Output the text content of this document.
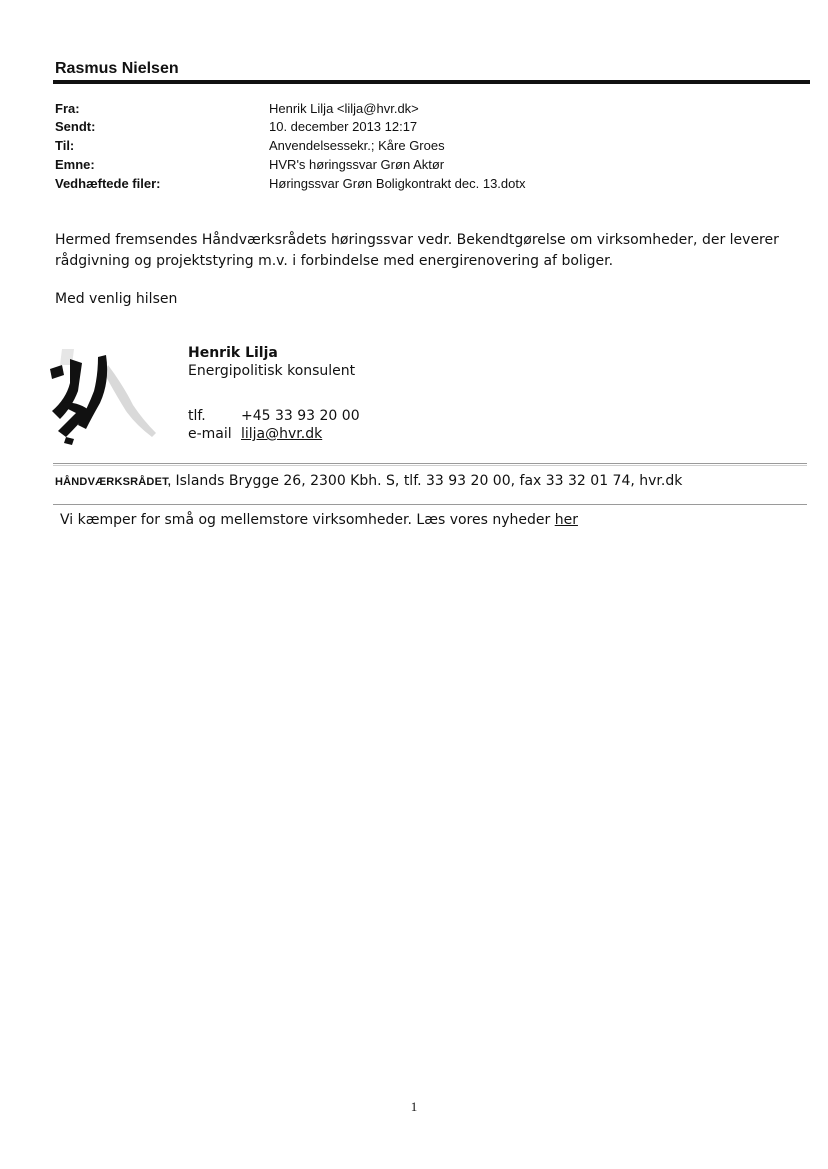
Rasmus Nielsen
Fra:	Henrik Lilja <lilja@hvr.dk>
Sendt:	10. december 2013 12:17
Til:	Anvendelsessekr.; Kåre Groes
Emne:	HVR's høringssvar Grøn Aktør
Vedhæftede filer:	Høringssvar Grøn Boligkontrakt dec. 13.dotx
Hermed fremsendes Håndværksrådets høringssvar vedr. Bekendtgørelse om virksomheder, der leverer
rådgivning og projektstyring m.v. i forbindelse med energirenovering af boliger.
Med venlig hilsen
Henrik Lilja
Energipolitisk konsulent
tlf.	+45 33 93 20 00
e-mail lilja@hvr.dk
HÅNDVÆRKSRÅDET, Islands Brygge 26, 2300 Kbh. S, tlf. 33 93 20 00, fax 33 32 01 74, hvr.dk
Vi kæmper for små og mellemstore virksomheder. Læs vores nyheder her
1
